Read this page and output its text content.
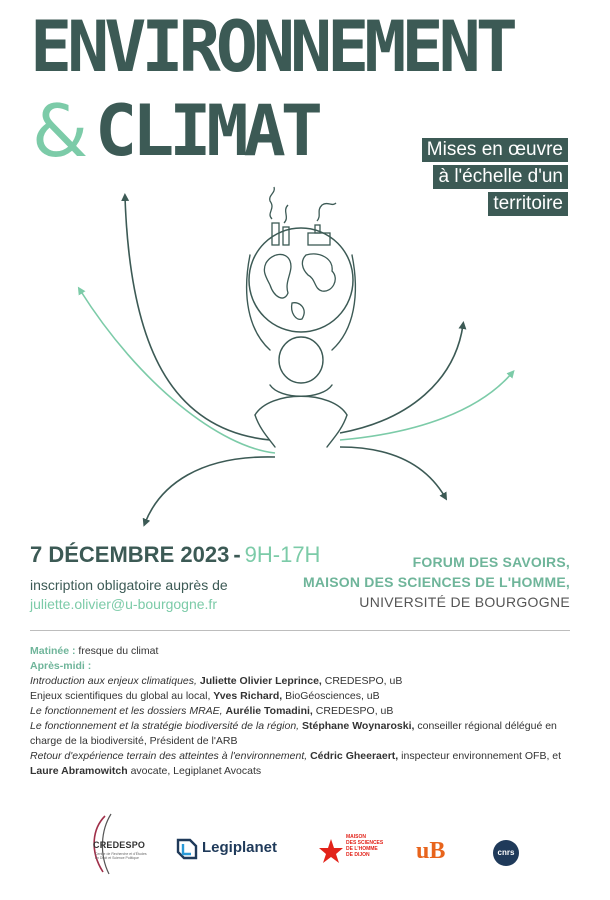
ENVIRONNEMENT
& CLIMAT	Mises en œuvre
à l'échelle d'un
territoire
7 DÉCEMBRE 2023 - 9H-17H
inscription obligatoire auprès de
juliette.olivier@u-bourgogne.fr
FORUM DES SAVOIRS,
MAISON DES SCIENCES DE L'HOMME,
UNIVERSITÉ DE BOURGOGNE

Matinée : fresque du climat

Après-midi :

Introduction aux enjeux climatiques, Juliette Olivier Leprince, CREDESPO, uB

Enjeux scientifiques du global au local, Yves Richard, BioGéosciences, uB

Le fonctionnement et les dossiers MRAE, Aurélie Tomadini, CREDESPO, uB

Le fonctionnement et la stratégie biodiversité de la région, Stéphane Woynaroski, conseiller régional délégué en charge de la biodiversité, Président de l'ARB

Retour d'expérience terrain des atteintes à l'environnement, Cédric Gheeraert, inspecteur environnement OFB, et Laure Abramowitch avocate, Legiplanet Avocats

CREDESPO
Centre de Recherche et d'Études en Droit et Science Politique
Legiplanet
MAISON
DES SCIENCES
DE L'HOMME
DE DIJON	uB	cnrs
